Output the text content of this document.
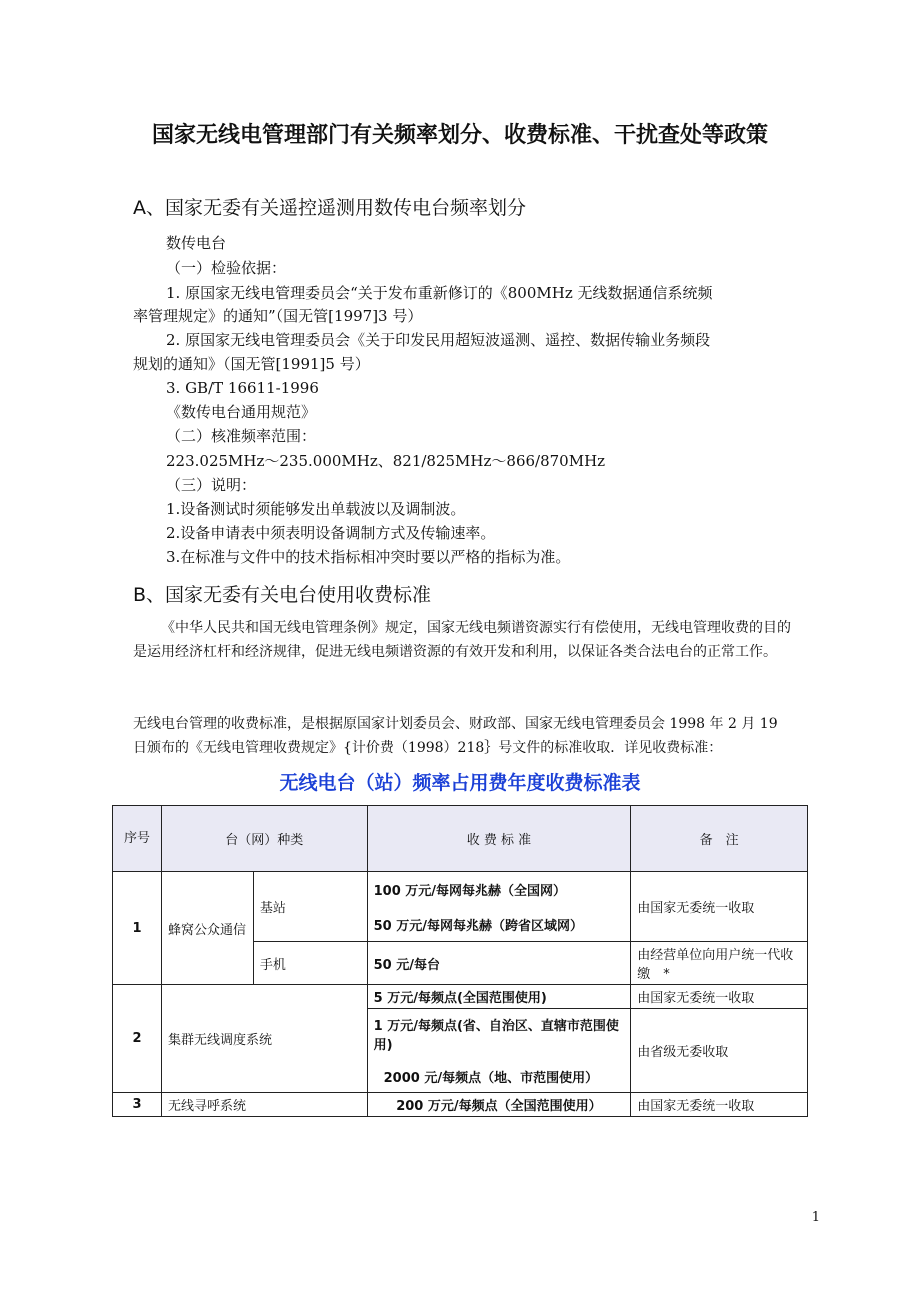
国家无线电管理部门有关频率划分、收费标准、干扰查处等政策
A、国家无委有关遥控遥测用数传电台频率划分
数传电台
（一）检验依据：
1. 原国家无线电管理委员会“关于发布重新修订的《800MHz 无线数据通信系统频
率管理规定》的通知”（国无管[1997]3 号）
2. 原国家无线电管理委员会《关于印发民用超短波遥测、遥控、数据传输业务频段
规划的通知》（国无管[1991]5 号）
3. GB/T 16611-1996
《数传电台通用规范》
（二）核准频率范围：
223.025MHz～235.000MHz、821/825MHz～866/870MHz
（三）说明：
1.设备测试时须能够发出单载波以及调制波。
2.设备申请表中须表明设备调制方式及传输速率。
3.在标准与文件中的技术指标相冲突时要以严格的指标为准。
B、国家无委有关电台使用收费标准
《中华人民共和国无线电管理条例》规定，国家无线电频谱资源实行有偿使用，无线电管理收费的目的是运用经济杠杆和经济规律，促进无线电频谱资源的有效开发和利用，以保证各类合法电台的正常工作。
无线电台管理的收费标准，是根据原国家计划委员会、财政部、国家无线电管理委员会 1998 年 2 月 19 日颁布的《无线电管理收费规定》{计价费（1998）218｝号文件的标准收取．详见收费标准：
无线电台（站）频率占用费年度收费标准表
序号	台（网）种类		收 费 标 准	备　注
1	蜂窝公众通信	基站	100 万元/每网每兆赫（全国网）
50 万元/每网每兆赫（跨省区域网）	由国家无委统一收取
		手机	50 元/每台	由经营单位向用户统一代收缴　*
2	集群无线调度系统		5 万元/每频点(全国范围使用)	由国家无委统一收取

			1 万元/每频点(省、自治区、直辖市范围使用)
2000 元/每频点（地、市范围使用）	由省级无委收取
3	无线寻呼系统		200 万元/每频点（全国范围使用）	由国家无委统一收取
1
